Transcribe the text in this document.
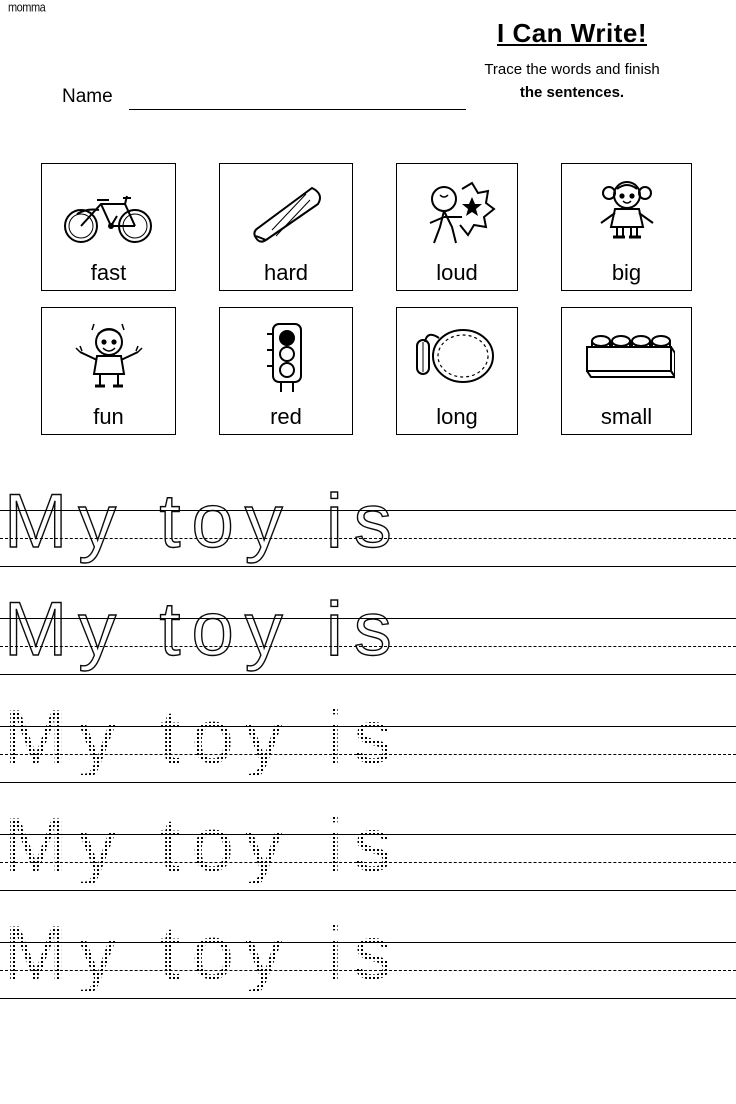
momma
I Can Write!
Trace the words and finish
the sentences.
Name
fast	hard	loud	big
fun	red	long	small
My toy is
My toy is
My toy is
My toy is
My toy is
